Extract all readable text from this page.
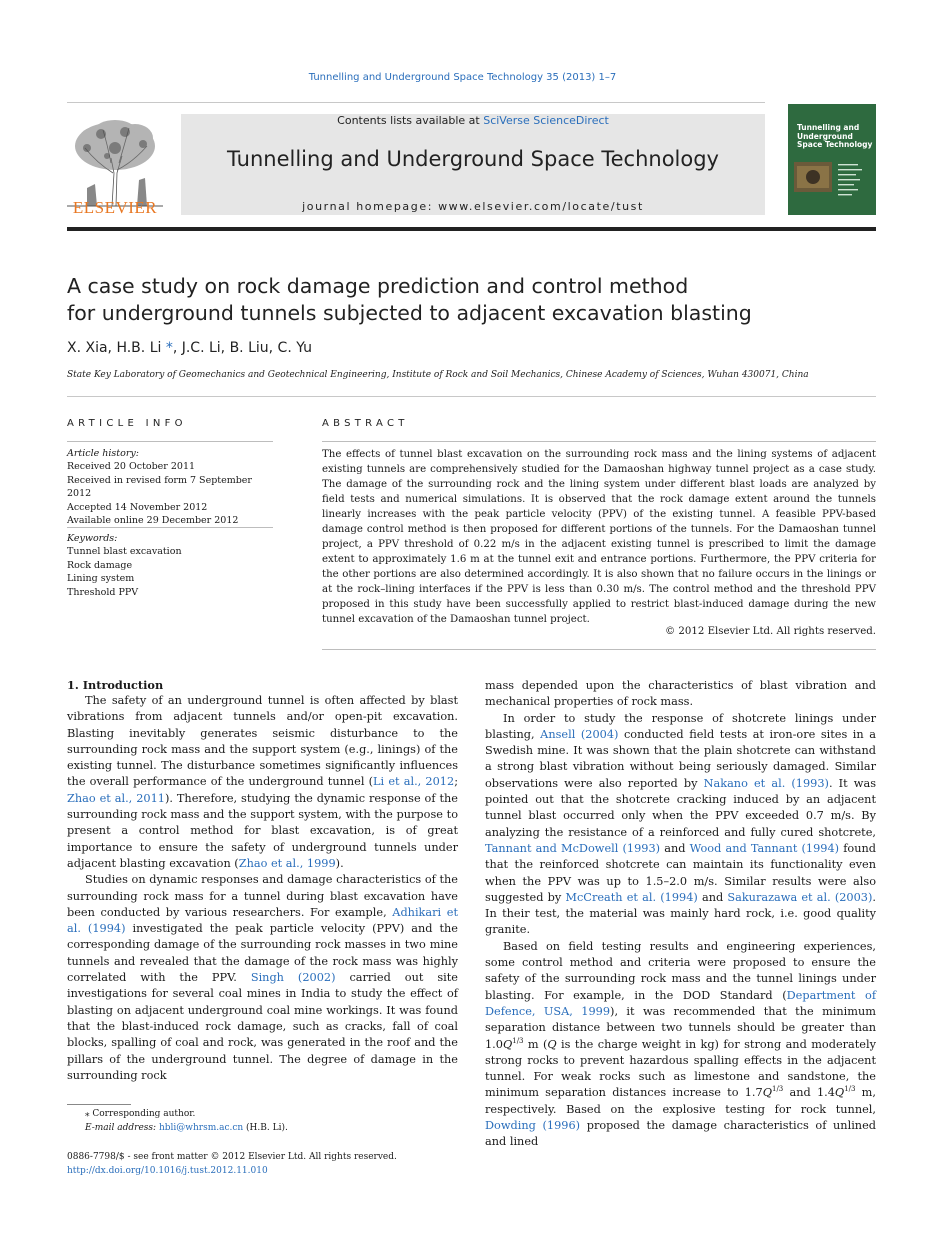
Tunnelling and Underground Space Technology 35 (2013) 1–7
ELSEVIER
Contents lists available at SciVerse ScienceDirect
Tunnelling and Underground Space Technology
journal homepage: www.elsevier.com/locate/tust
Tunnelling and Underground Space Technology
A case study on rock damage prediction and control method
for underground tunnels subjected to adjacent excavation blasting
X. Xia, H.B. Li *, J.C. Li, B. Liu, C. Yu
State Key Laboratory of Geomechanics and Geotechnical Engineering, Institute of Rock and Soil Mechanics, Chinese Academy of Sciences, Wuhan 430071, China
ARTICLE INFO
Article history:
Received 20 October 2011
Received in revised form 7 September 2012
Accepted 14 November 2012
Available online 29 December 2012
Keywords:
Tunnel blast excavation
Rock damage
Lining system
Threshold PPV
ABSTRACT
The effects of tunnel blast excavation on the surrounding rock mass and the lining systems of adjacent existing tunnels are comprehensively studied for the Damaoshan highway tunnel project as a case study. The damage of the surrounding rock and the lining system under different blast loads are analyzed by field tests and numerical simulations. It is observed that the rock damage extent around the tunnels linearly increases with the peak particle velocity (PPV) of the existing tunnel. A feasible PPV-based damage control method is then proposed for different portions of the tunnels. For the Damaoshan tunnel project, a PPV threshold of 0.22 m/s in the adjacent existing tunnel is prescribed to limit the damage extent to approximately 1.6 m at the tunnel exit and entrance portions. Furthermore, the PPV criteria for the other portions are also determined accordingly. It is also shown that no failure occurs in the linings or at the rock–lining interfaces if the PPV is less than 0.30 m/s. The control method and the threshold PPV proposed in this study have been successfully applied to restrict blast-induced damage during the new tunnel excavation of the Damaoshan tunnel project.
© 2012 Elsevier Ltd. All rights reserved.
1. Introduction

The safety of an underground tunnel is often affected by blast vibrations from adjacent tunnels and/or open-pit excavation. Blasting inevitably generates seismic disturbance to the surrounding rock mass and the support system (e.g., linings) of the existing tunnel. The disturbance sometimes significantly influences the overall performance of the underground tunnel (Li et al., 2012; Zhao et al., 2011). Therefore, studying the dynamic response of the surrounding rock mass and the support system, with the purpose to present a control method for blast excavation, is of great importance to ensure the safety of underground tunnels under adjacent blasting excavation (Zhao et al., 1999).

Studies on dynamic responses and damage characteristics of the surrounding rock mass for a tunnel during blast excavation have been conducted by various researchers. For example, Adhikari et al. (1994) investigated the peak particle velocity (PPV) and the corresponding damage of the surrounding rock masses in two mine tunnels and revealed that the damage of the rock mass was highly correlated with the PPV. Singh (2002) carried out site investigations for several coal mines in India to study the effect of blasting on adjacent underground coal mine workings. It was found that the blast-induced rock damage, such as cracks, fall of coal blocks, spalling of coal and rock, was generated in the roof and the pillars of the underground tunnel. The degree of damage in the surrounding rock

mass depended upon the characteristics of blast vibration and mechanical properties of rock mass.

In order to study the response of shotcrete linings under blasting, Ansell (2004) conducted field tests at iron-ore sites in a Swedish mine. It was shown that the plain shotcrete can withstand a strong blast vibration without being seriously damaged. Similar observations were also reported by Nakano et al. (1993). It was pointed out that the shotcrete cracking induced by an adjacent tunnel blast occurred only when the PPV exceeded 0.7 m/s. By analyzing the resistance of a reinforced and fully cured shotcrete, Tannant and McDowell (1993) and Wood and Tannant (1994) found that the reinforced shotcrete can maintain its functionality even when the PPV was up to 1.5–2.0 m/s. Similar results were also suggested by McCreath et al. (1994) and Sakurazawa et al. (2003). In their test, the material was mainly hard rock, i.e. good quality granite.

Based on field testing results and engineering experiences, some control method and criteria were proposed to ensure the safety of the surrounding rock mass and the tunnel linings under blasting. For example, in the DOD Standard (Department of Defence, USA, 1999), it was recommended that the minimum separation distance between two tunnels should be greater than $1.0Q^{1/3}$ m (Q is the charge weight in kg) for strong and moderately strong rocks to prevent hazardous spalling effects in the adjacent tunnel. For weak rocks such as limestone and sandstone, the minimum separation distances increase to $1.7Q^{1/3}$ and $1.4Q^{1/3}$ m, respectively. Based on the explosive testing for rock tunnel, Dowding (1996) proposed the damage characteristics of unlined and lined

⁎ Corresponding author.
E-mail address: hbli@whrsm.ac.cn (H.B. Li).
0886-7798/$ - see front matter © 2012 Elsevier Ltd. All rights reserved.
http://dx.doi.org/10.1016/j.tust.2012.11.010
